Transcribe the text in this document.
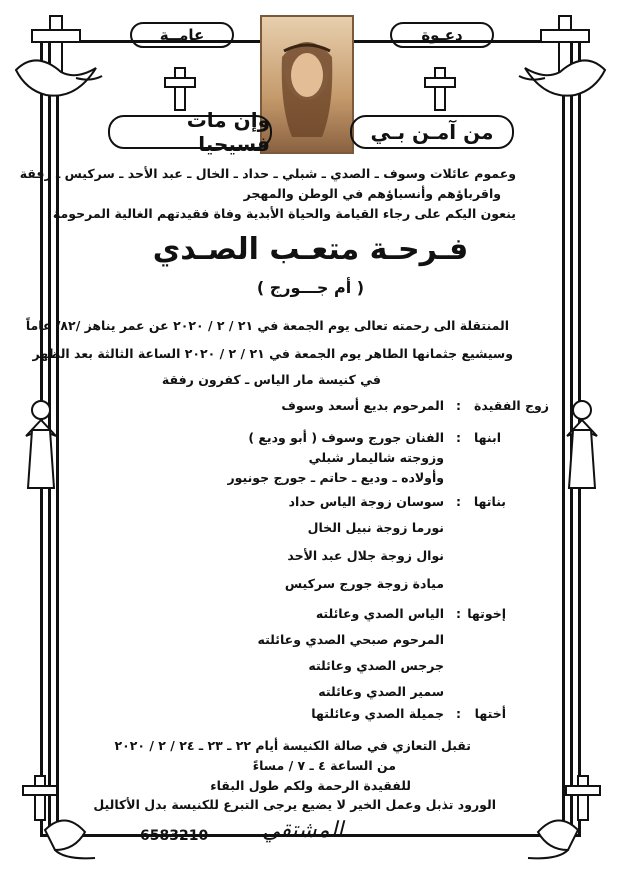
عامــة	دعـوة
وإن مات فسيحيا	من آمـن بـي
وعموم عائلات وسوف ـ الصدي ـ شبلي ـ حداد ـ الخال ـ عبد الأحد ـ سركيس ـ رفقة
واقرباؤهم وأنسباؤهم في الوطن والمهجر
ينعون اليكم على رجاء القيامة والحياة الأبدية وفاة فقيدتهم الغالية المرحومة
فـرحـة متعـب الصـدي
( أم جـــورج )
المنتقلة الى رحمته تعالى يوم الجمعة في ٢١ / ٢ / ٢٠٢٠ عن عمر يناهز /٨٢/ عاماً
وسيشيع جثمانها الطاهر يوم الجمعة في ٢١ / ٢ / ٢٠٢٠ الساعة الثالثة بعد الظهر
في كنيسة مار الياس ـ كفرون رفقة
زوج الفقيدة
:
المرحوم بديع أسعد وسوف
ابنها
:
الفنان جورج وسوف ( أبو وديع )
وزوجته شاليمار شبلي
وأولاده ـ وديع ـ حاتم ـ جورج جونيور
بناتها
:
سوسان زوجة الياس حداد
نورما زوجة نبيل الخال
نوال زوجة جلال عبد الأحد
ميادة زوجة جورج سركيس
إخوتها
:
الياس الصدي وعائلته
المرحوم صبحي الصدي وعائلته
جرجس الصدي وعائلته
سمير الصدي وعائلته
أختها
:
جميلة الصدي وعائلتها
تقبل التعازي في صالة الكنيسة أيام ٢٢ ـ ٢٣ ـ ٢٤ / ٢ / ٢٠٢٠
من الساعة ٤ ـ ٧ / مساءً
للفقيدة الرحمة ولكم طول البقاء
الورود تذبل وعمل الخير لا يضيع يرجى التبرع للكنيسة بدل الأكاليل
6583210 المشتقي
